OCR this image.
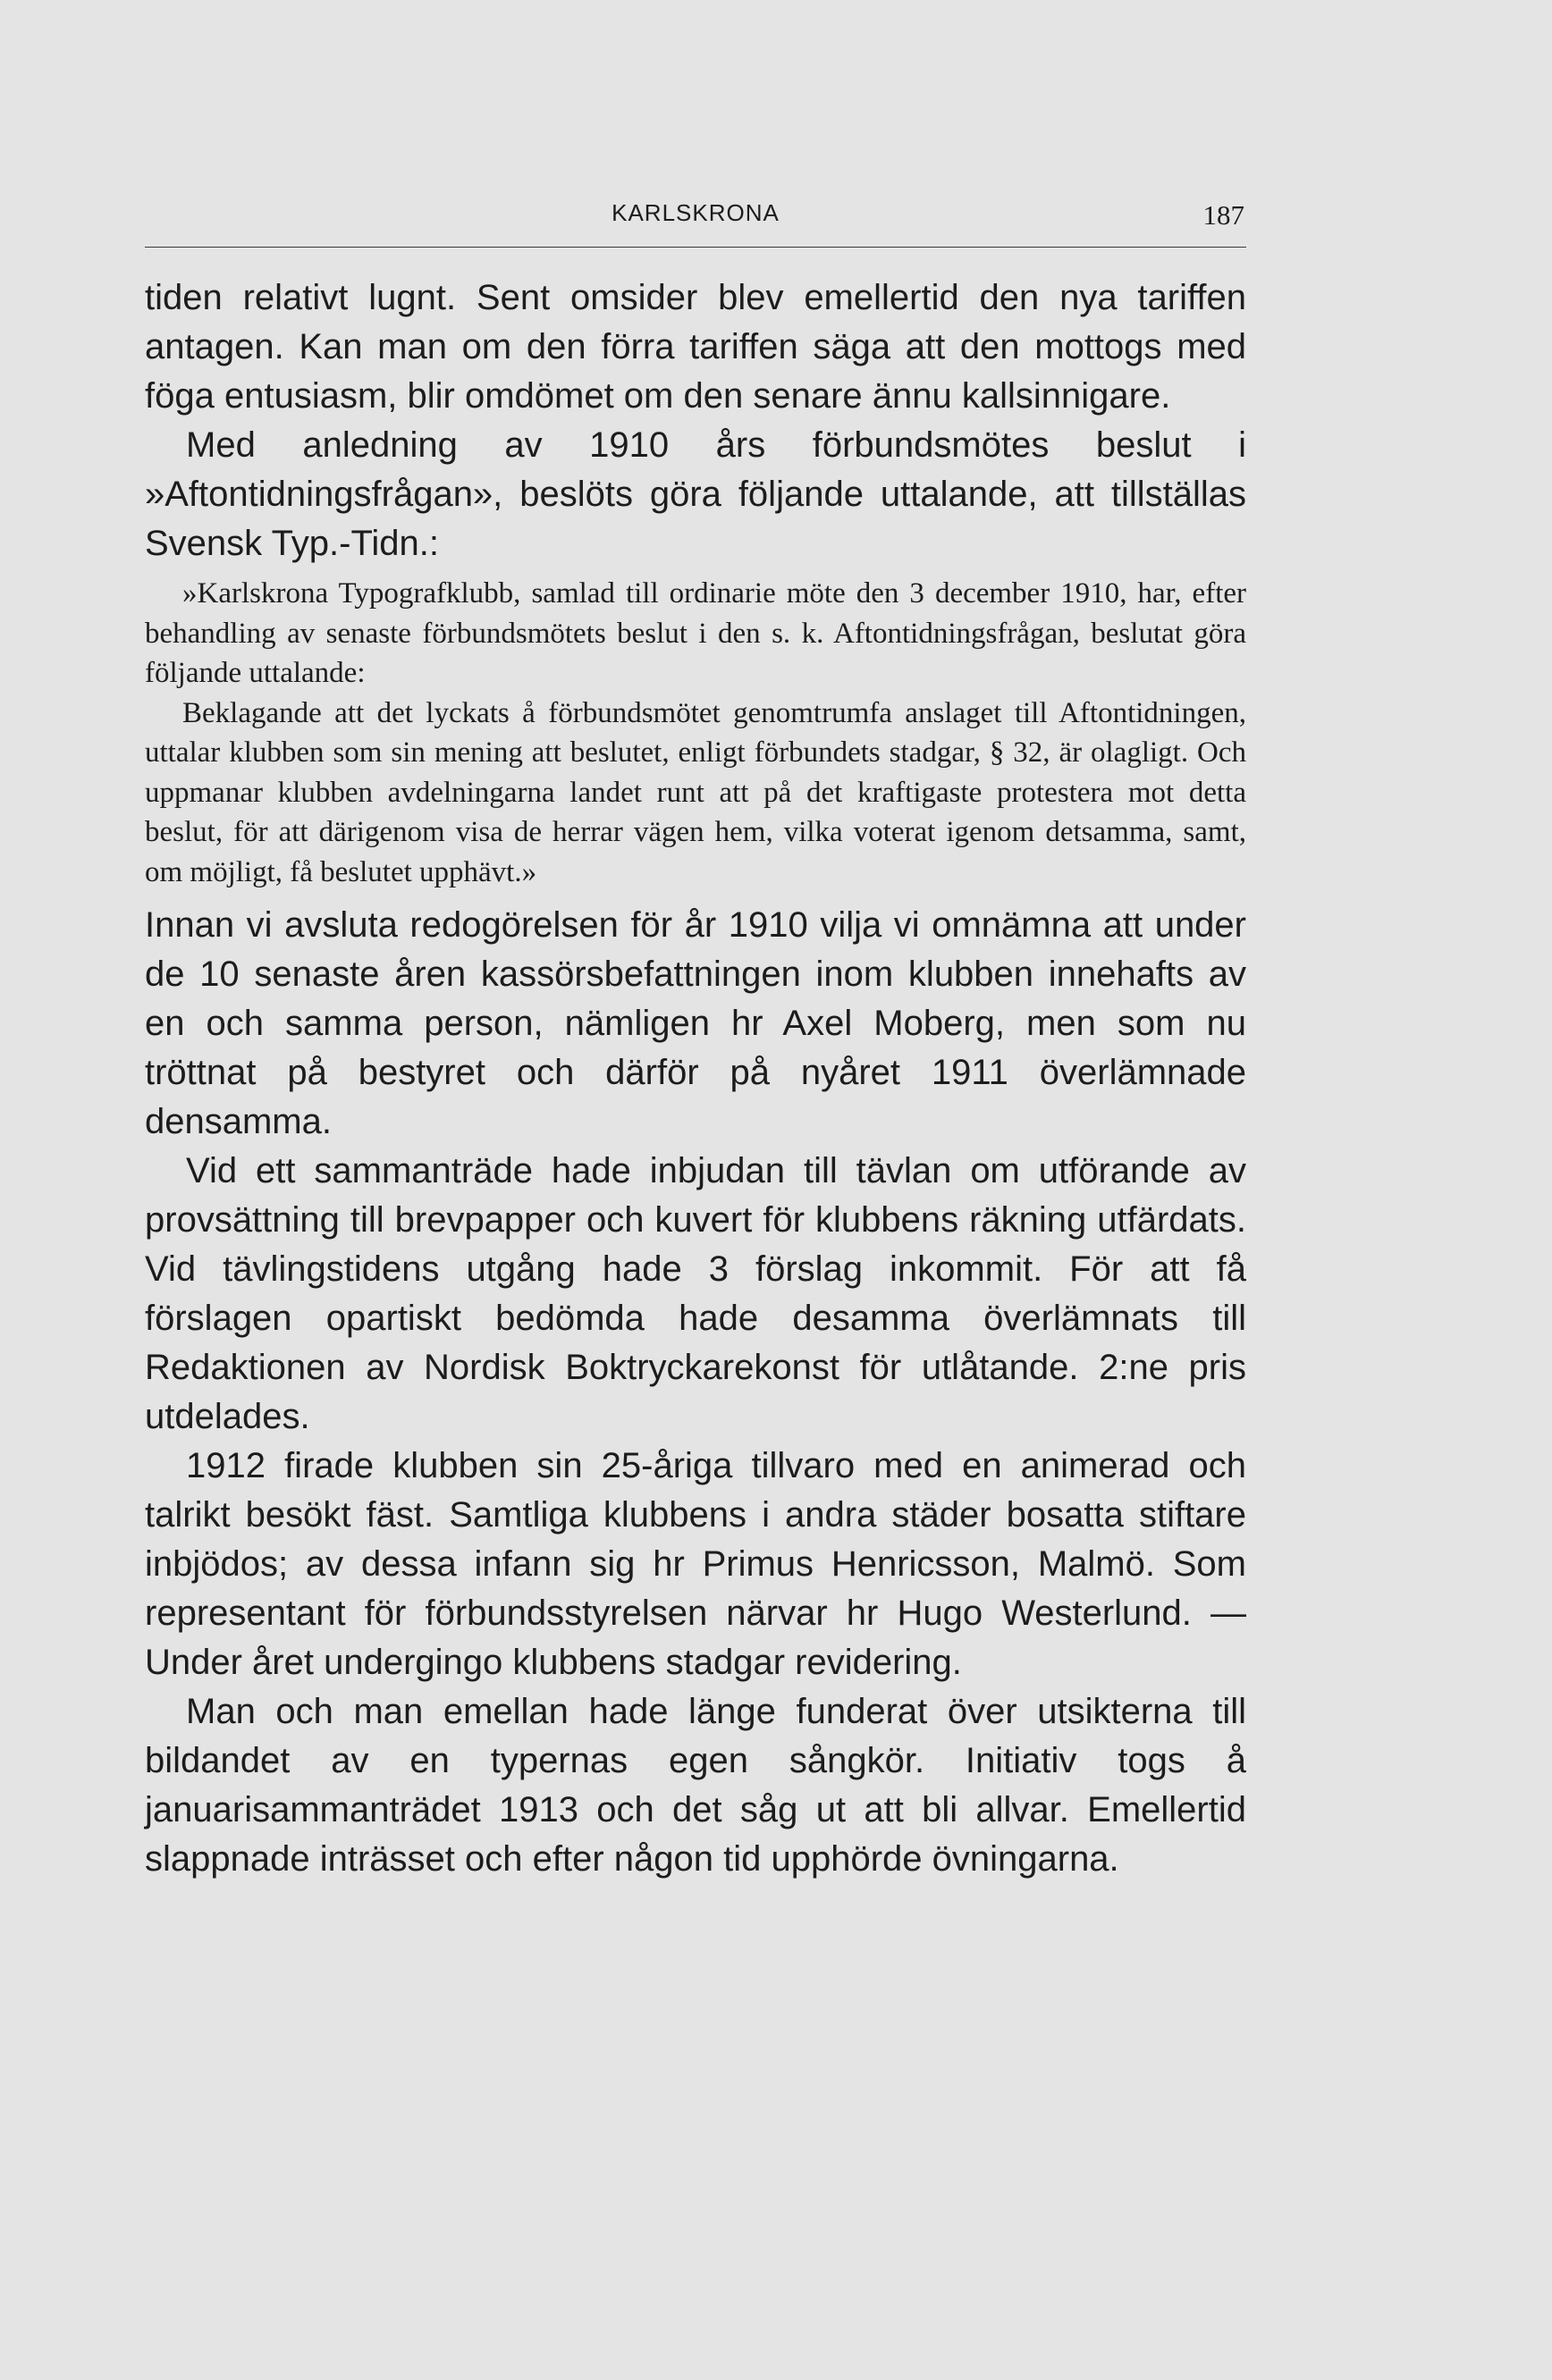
KARLSKRONA	187

tiden relativt lugnt. Sent omsider blev emellertid den nya tariffen antagen. Kan man om den förra tariffen säga att den mottogs med föga entusiasm, blir omdömet om den senare ännu kallsinnigare.

Med anledning av 1910 års förbundsmötes beslut i »Aftontidningsfrågan», beslöts göra följande uttalande, att tillställas Svensk Typ.-Tidn.:

»Karlskrona Typografklubb, samlad till ordinarie möte den 3 december 1910, har, efter behandling av senaste förbundsmötets beslut i den s. k. Aftontidningsfrågan, beslutat göra följande uttalande:

Beklagande att det lyckats å förbundsmötet genomtrumfa anslaget till Aftontidningen, uttalar klubben som sin mening att beslutet, enligt förbundets stadgar, § 32, är olagligt. Och uppmanar klubben avdelningarna landet runt att på det kraftigaste protestera mot detta beslut, för att därigenom visa de herrar vägen hem, vilka voterat igenom detsamma, samt, om möjligt, få beslutet upphävt.»

Innan vi avsluta redogörelsen för år 1910 vilja vi omnämna att under de 10 senaste åren kassörsbefattningen inom klubben innehafts av en och samma person, nämligen hr Axel Moberg, men som nu tröttnat på bestyret och därför på nyåret 1911 överlämnade densamma.

Vid ett sammanträde hade inbjudan till tävlan om utförande av provsättning till brevpapper och kuvert för klubbens räkning utfärdats. Vid tävlingstidens utgång hade 3 förslag inkommit. För att få förslagen opartiskt bedömda hade desamma överlämnats till Redaktionen av Nordisk Boktryckarekonst för utlåtande. 2:ne pris utdelades.

1912 firade klubben sin 25-åriga tillvaro med en animerad och talrikt besökt fäst. Samtliga klubbens i andra städer bosatta stiftare inbjödos; av dessa infann sig hr Primus Henricsson, Malmö. Som representant för förbundsstyrelsen närvar hr Hugo Westerlund. — Under året undergingo klubbens stadgar revidering.

Man och man emellan hade länge funderat över utsikterna till bildandet av en typernas egen sångkör. Initiativ togs å januarisammanträdet 1913 och det såg ut att bli allvar. Emellertid slappnade inträsset och efter någon tid upphörde övningarna.
